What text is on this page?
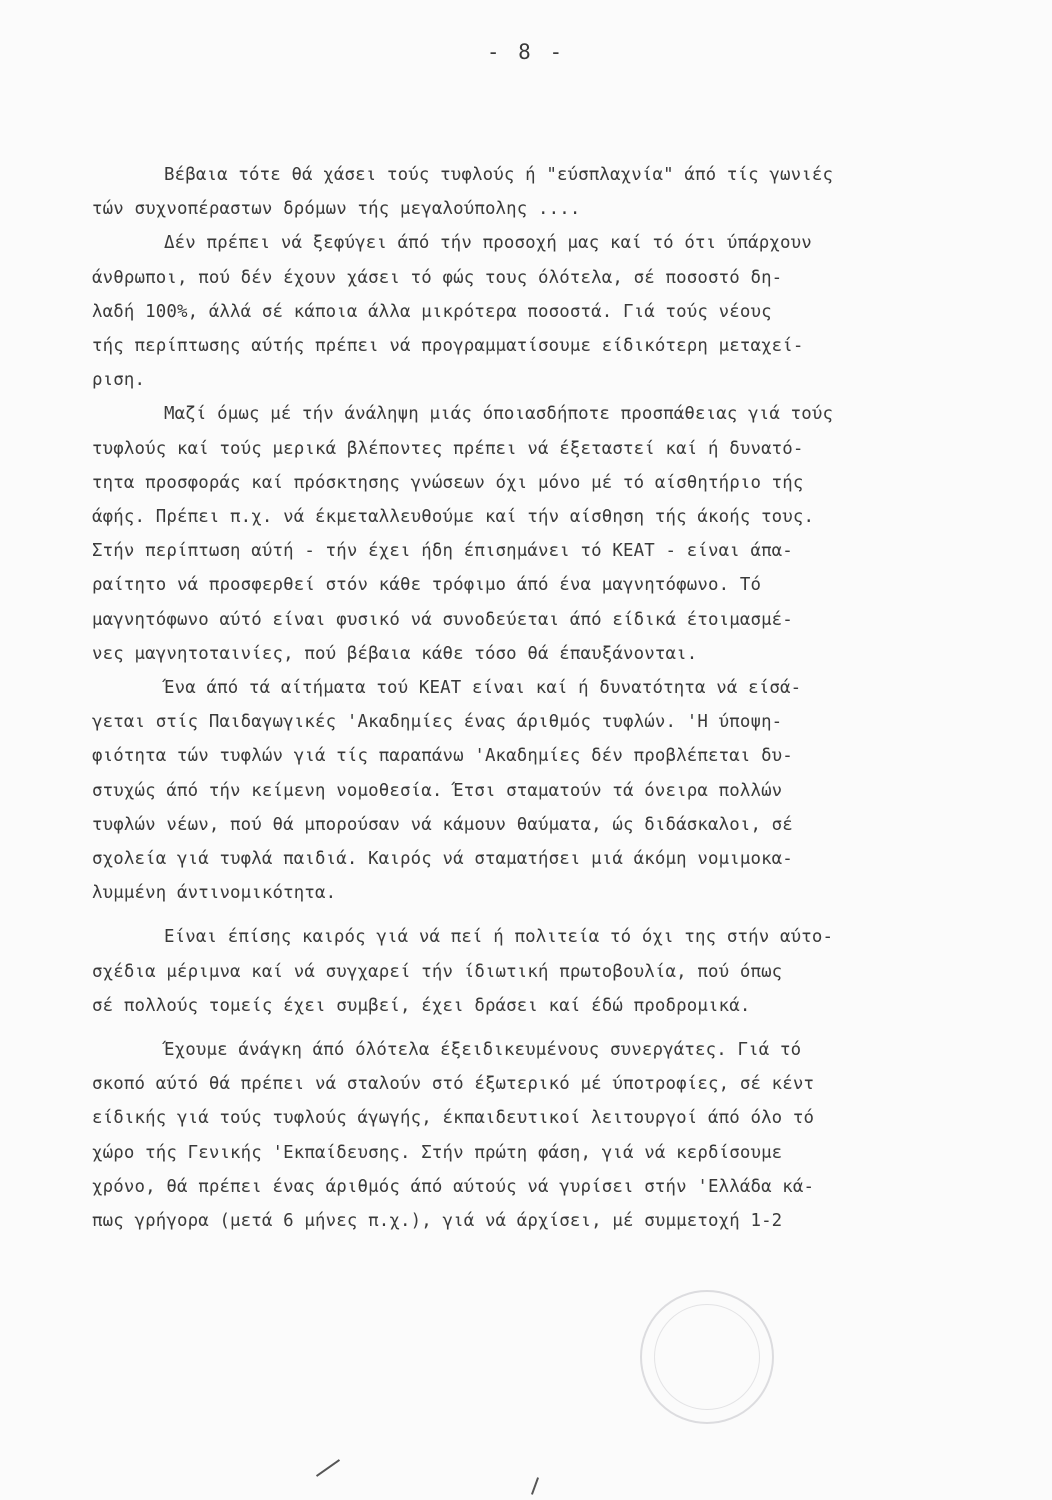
- 8 -
Βέβαια τότε θά χάσει τούς τυφλούς ή "εύσπλαχνία" άπό τίς γωνιές
τών συχνοπέραστων δρόμων τής μεγαλούπολης ....
Δέν πρέπει νά ξεφύγει άπό τήν προσοχή μας καί τό ότι ύπάρχουν
άνθρωποι, πού δέν έχουν χάσει τό φώς τους όλότελα, σέ ποσοστό δη-
λαδή 100%, άλλά σέ κάποια άλλα μικρότερα ποσοστά. Γιά τούς νέους
τής περίπτωσης αύτής πρέπει νά προγραμματίσουμε είδικότερη μεταχεί-
ριση.
Μαζί όμως μέ τήν άνάληψη μιάς όποιασδήποτε προσπάθειας γιά τούς
τυφλούς καί τούς μερικά βλέποντες πρέπει νά έξεταστεί καί ή δυνατό-
τητα προσφοράς καί πρόσκτησης γνώσεων όχι μόνο μέ τό αίσθητήριο τής
άφής. Πρέπει π.χ. νά έκμεταλλευθούμε καί τήν αίσθηση τής άκοής τους.
Στήν περίπτωση αύτή - τήν έχει ήδη έπισημάνει τό ΚΕΑΤ - είναι άπα-
ραίτητο νά προσφερθεί στόν κάθε τρόφιμο άπό ένα μαγνητόφωνο. Τό
μαγνητόφωνο αύτό είναι φυσικό νά συνοδεύεται άπό είδικά έτοιμασμέ-
νες μαγνητοταινίες, πού βέβαια κάθε τόσο θά έπαυξάνονται.
Ένα άπό τά αίτήματα τού ΚΕΑΤ είναι καί ή δυνατότητα νά είσά-
γεται στίς Παιδαγωγικές 'Ακαδημίες ένας άριθμός τυφλών. 'Η ύποψη-
φιότητα τών τυφλών γιά τίς παραπάνω 'Ακαδημίες δέν προβλέπεται δυ-
στυχώς άπό τήν κείμενη νομοθεσία. Έτσι σταματούν τά όνειρα πολλών
τυφλών νέων, πού θά μπορούσαν νά κάμουν θαύματα, ώς διδάσκαλοι, σέ
σχολεία γιά τυφλά παιδιά. Καιρός νά σταματήσει μιά άκόμη νομιμοκα-
λυμμένη άντινομικότητα.
Είναι έπίσης καιρός γιά νά πεί ή πολιτεία τό όχι της στήν αύτο-
σχέδια μέριμνα καί νά συγχαρεί τήν ίδιωτική πρωτοβουλία, πού όπως
σέ πολλούς τομείς έχει συμβεί, έχει δράσει καί έδώ προδρομικά.
Έχουμε άνάγκη άπό όλότελα έξειδικευμένους συνεργάτες. Γιά τό
σκοπό αύτό θά πρέπει νά σταλούν στό έξωτερικό μέ ύποτροφίες, σέ κέντ
είδικής γιά τούς τυφλούς άγωγής, έκπαιδευτικοί λειτουργοί άπό όλο τό
χώρο τής Γενικής 'Εκπαίδευσης. Στήν πρώτη φάση, γιά νά κερδίσουμε
χρόνο, θά πρέπει ένας άριθμός άπό αύτούς νά γυρίσει στήν 'Ελλάδα κά-
πως γρήγορα (μετά 6 μήνες π.χ.), γιά νά άρχίσει, μέ συμμετοχή 1-2
